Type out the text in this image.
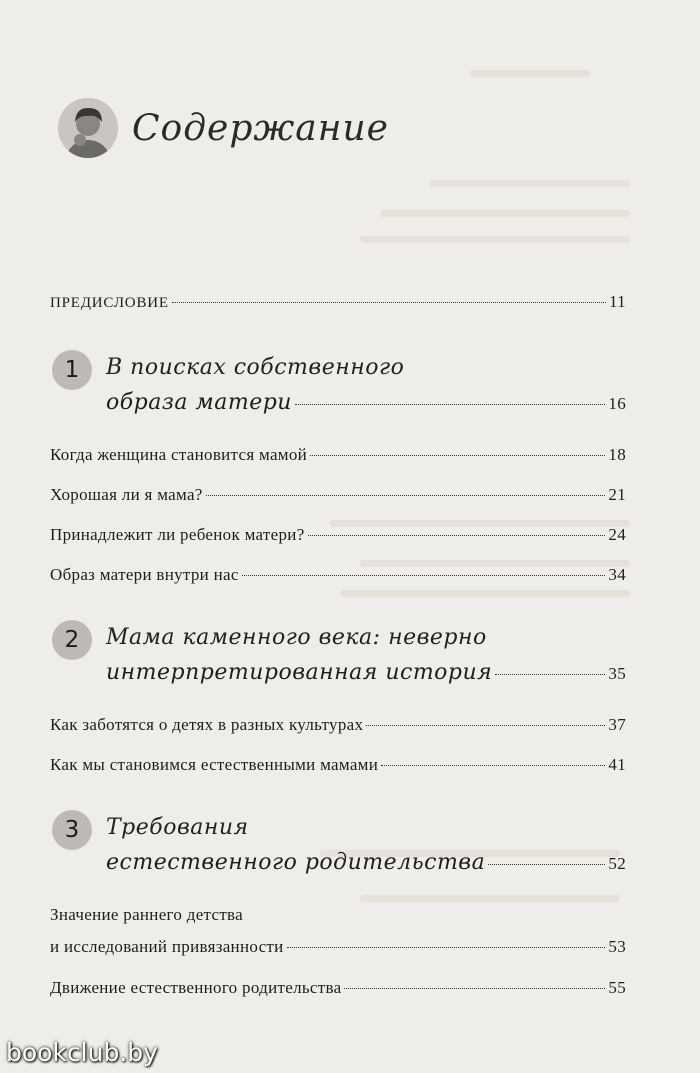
Содержание
ПРЕДИСЛОВИЕ	11
1	В поисках собственного
образа матери	16
Когда женщина становится мамой	18
Хорошая ли я мама?	21
Принадлежит ли ребенок матери?	24
Образ матери внутри нас	34
2	Мама каменного века: неверно
интерпретированная история	35
Как заботятся о детях в разных культурах	37
Как мы становимся естественными мамами	41
3	Требования
естественного родительства	52
Значение раннего детства
и исследований привязанности	53
Движение естественного родительства	55
bookclub.by
